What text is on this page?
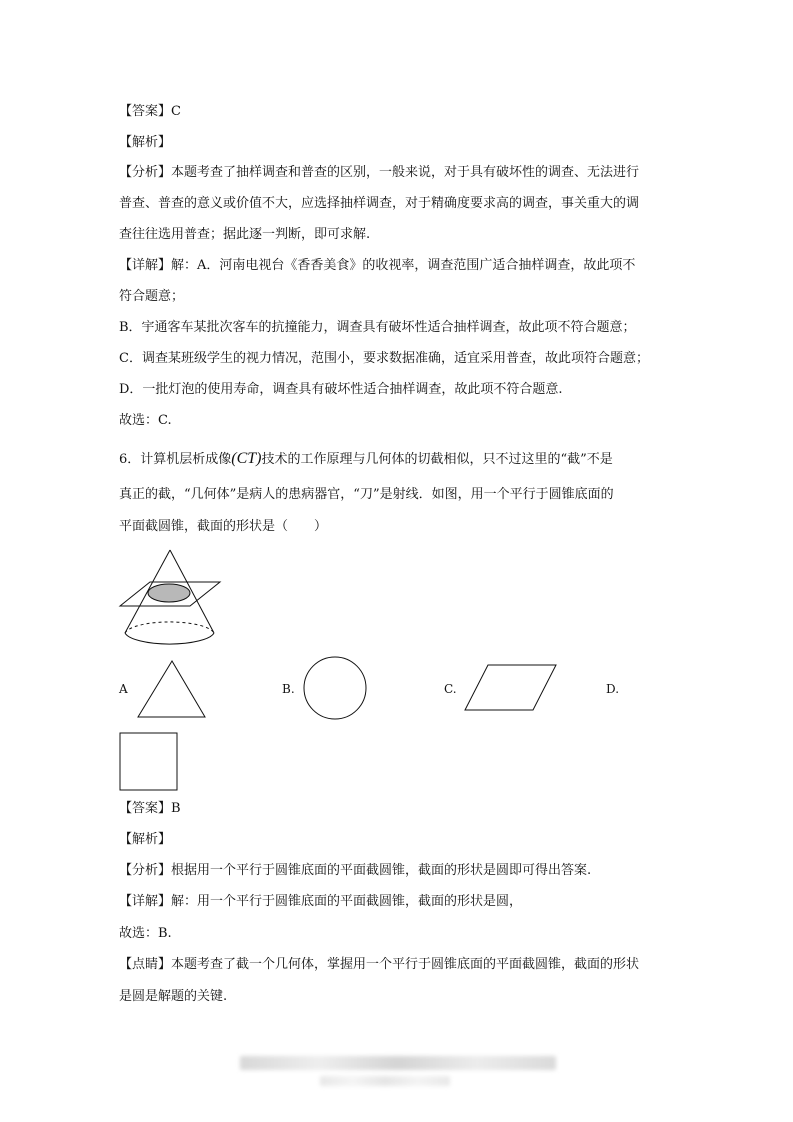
【答案】C
【解析】
【分析】本题考查了抽样调查和普查的区别，一般来说，对于具有破坏性的调查、无法进行
普查、普查的意义或价值不大，应选择抽样调查，对于精确度要求高的调查，事关重大的调
查往往选用普查；据此逐一判断，即可求解.
【详解】解：A．河南电视台《香香美食》的收视率，调查范围广适合抽样调查，故此项不
符合题意；
B．宇通客车某批次客车的抗撞能力，调查具有破坏性适合抽样调查，故此项不符合题意；
C．调查某班级学生的视力情况，范围小，要求数据准确，适宜采用普查，故此项符合题意；
D．一批灯泡的使用寿命，调查具有破坏性适合抽样调查，故此项不符合题意.
故选：C.
6．计算机层析成像(CT)技术的工作原理与几何体的切截相似，只不过这里的“截”不是
真正的截，“几何体”是病人的患病器官，“刀”是射线．如图，用一个平行于圆锥底面的
平面截圆锥，截面的形状是（　　）
A	B.	C.	D.
【答案】B
【解析】
【分析】根据用一个平行于圆锥底面的平面截圆锥，截面的形状是圆即可得出答案.
【详解】解：用一个平行于圆锥底面的平面截圆锥，截面的形状是圆，
故选：B.
【点睛】本题考查了截一个几何体，掌握用一个平行于圆锥底面的平面截圆锥，截面的形状
是圆是解题的关键.
